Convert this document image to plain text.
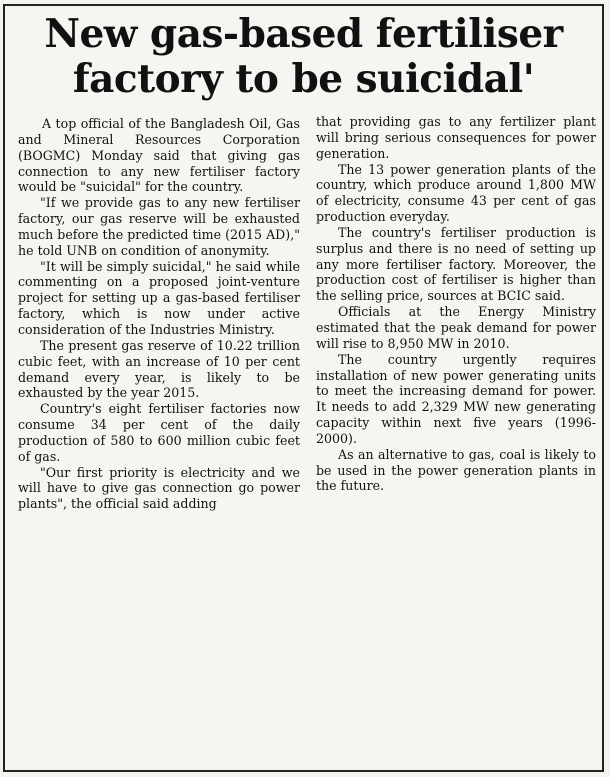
New gas-based fertiliser
factory to be suicidal'

A top official of the Bangladesh Oil, Gas and Mineral Resources Corporation (BOGMC) Monday said that giving gas connection to any new fertiliser factory would be "suicidal" for the country.

"If we provide gas to any new fertiliser factory, our gas reserve will be exhausted much before the predicted time (2015 AD)," he told UNB on condition of anonymity.

"It will be simply suicidal," he said while commenting on a proposed joint-venture project for setting up a gas-based fertiliser factory, which is now under active consideration of the Industries Ministry.

The present gas reserve of 10.22 trillion cubic feet, with an increase of 10 per cent demand every year, is likely to be exhausted by the year 2015.

Country's eight fertiliser factories now consume 34 per cent of the daily production of 580 to 600 million cubic feet of gas.

"Our first priority is electricity and we will have to give gas connection go power plants", the official said adding

that providing gas to any fertilizer plant will bring serious consequences for power generation.

The 13 power generation plants of the country, which produce around 1,800 MW of electricity, consume 43 per cent of gas production everyday.

The country's fertiliser production is surplus and there is no need of setting up any more fertiliser factory. Moreover, the production cost of fertiliser is higher than the selling price, sources at BCIC said.

Officials at the Energy Ministry estimated that the peak demand for power will rise to 8,950 MW in 2010.

The country urgently requires installation of new power generating units to meet the increasing demand for power. It needs to add 2,329 MW new generating capacity within next five years (1996-2000).

As an alternative to gas, coal is likely to be used in the power generation plants in the future.
